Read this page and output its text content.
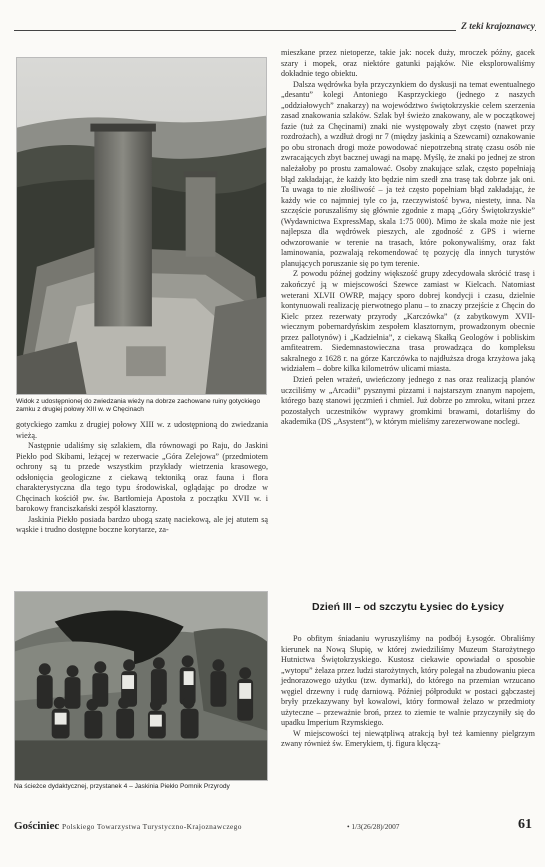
Z teki krajoznawcy
Widok z udostępnionej do zwiedzania wieży na dobrze zachowane ruiny gotyckiego zamku z drugiej połowy XIII w. w Chęcinach

gotyckiego zamku z drugiej połowy XIII w. z udostępnioną do zwiedzania wieżą.

Następnie udaliśmy się szlakiem, dla równowagi po Raju, do Jaskini Piekło pod Skibami, leżącej w rezerwacie „Góra Zelejowa” (przedmiotem ochrony są tu przede wszystkim przykłady wietrzenia krasowego, odsłonięcia geologiczne z ciekawą tektoniką oraz fauna i flora charakterystyczna dla tego typu środowiskal, oglądając po drodze w Chęcinach kościół pw. św. Bartłomieja Apostoła z początku XVII w. i barokowy franciszkański zespół klasztorny.

Jaskinia Piekło posiada bardzo ubogą szatę naciekową, ale jej atutem są wąskie i trudno dostępne boczne korytarze, za-

Na ścieżce dydaktycznej, przystanek 4 – Jaskinia Piekło Pomnik Przyrody

mieszkane przez nietoperze, takie jak: nocek duży, mroczek późny, gacek szary i mopek, oraz niektóre gatunki pająków. Nie eksplorowaliśmy dokładnie tego obiektu.

Dalsza wędrówka była przyczynkiem do dyskusji na temat ewentualnego „desantu” kolegi Antoniego Kasprzyckiego (jednego z naszych „oddziałowych” znakarzy) na województwo świętokrzyskie celem szerzenia zasad znakowania szlaków. Szlak był świeżo znakowany, ale w początkowej fazie (tuż za Chęcinami) znaki nie występowały zbyt często (nawet przy rozdrożach), a wzdłuż drogi nr 7 (między jaskinią a Szewcami) oznakowanie po obu stronach drogi może powodować niepotrzebną stratę czasu osób nie zwracających zbyt bacznej uwagi na mapę. Myślę, że znaki po jednej ze stron należałoby po prostu zamalować. Osoby znakujące szlak, często popełniają błąd zakładając, że każdy kto będzie nim szedł zna trasę tak dobrze jak oni. Ta uwaga to nie złośliwość – ja też często popełniam błąd zakładając, że każdy wie co najmniej tyle co ja, rzeczywistość bywa, niestety, inna. Na szczęście poruszaliśmy się głównie zgodnie z mapą „Góry Świętokrzyskie” (Wydawnictwa ExpressMap, skala 1:75 000). Mimo że skala może nie jest najlepsza dla wędrówek pieszych, ale zgodność z GPS i wierne odwzorowanie w terenie na trasach, które pokonywaliśmy, oraz fakt laminowania, pozwalają rekomendować tę pozycję dla innych turystów planujących poruszanie się po tym terenie.

Z powodu późnej godziny większość grupy zdecydowała skrócić trasę i zakończyć ją w miejscowości Szewce zamiast w Kielcach. Natomiast weterani XLVII OWRP, mający sporo dobrej kondycji i czasu, dzielnie kontynuowali realizację pierwotnego planu – to znaczy przejście z Chęcin do Kielc przez rezerwaty przyrody „Karczówka” (z zabytkowym XVII-wiecznym pobernardyńskim zespołem klasztornym, prowadzonym obecnie przez pallotynów) i „Kadzielnia”, z ciekawą Skałką Geologów i pobliskim amfiteatrem. Siedemnastowieczna trasa prowadząca do kompleksu sakralnego z 1628 r. na górze Karczówka to najdłuższa droga krzyżowa jaką widziałem – dobre kilka kilometrów ulicami miasta.

Dzień pełen wrażeń, uwieńczony jednego z nas oraz realizacją planów uczciliśmy w „Arcadii” pysznymi pizzami i najstarszym znanym napojem, którego bazę stanowi jęczmień i chmiel. Już dobrze po zmroku, witani przez pozostałych uczestników wyprawy gromkimi brawami, dotarliśmy do akademika (DS „Asystent”), w którym mieliśmy zarezerwowane noclegi.

Dzień III – od szczytu Łysiec do Łysicy

Po obfitym śniadaniu wyruszyliśmy na podbój Łysogór. Obraliśmy kierunek na Nową Słupię, w której zwiedziliśmy Muzeum Starożytnego Hutnictwa Świętokrzyskiego. Kustosz ciekawie opowiadał o sposobie „wytopu” żelaza przez ludzi starożytnych, który polegał na zbudowaniu pieca jednorazowego użytku (tzw. dymarki), do którego na przemian wrzucano węgiel drzewny i rudę darniową. Później półprodukt w postaci gąbczastej bryły przekazywany był kowalowi, który formował żelazo w przedmioty użyteczne – przeważnie broń, przez to ziemie te walnie przyczyniły się do upadku Imperium Rzymskiego.

W miejscowości tej niewątpliwą atrakcją był też kamienny pielgrzym zwany również św. Emerykiem, tj. figura klęczą-

Gościniec Polskiego Towarzystwa Turystyczno-Krajoznawczego	• 1/3(26/28)/2007	61
